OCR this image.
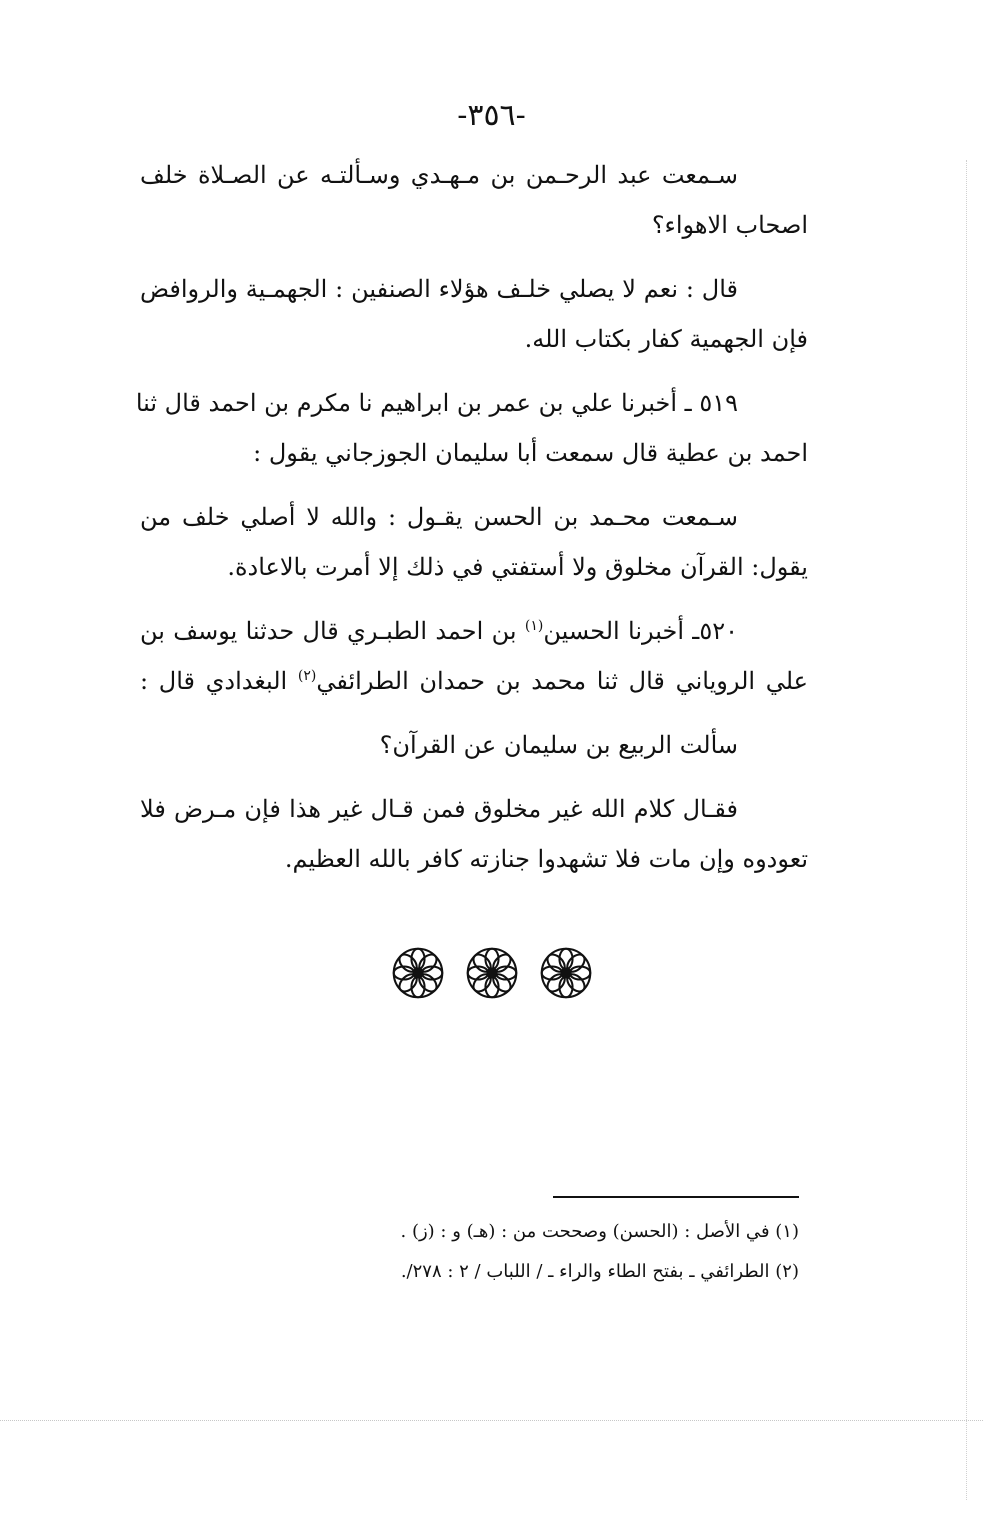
-٣٥٦-

سـمعت عبد الرحـمن بن مـهـدي وسـألتـه عن الصـلاة خلف
اصحاب الاهواء؟

قال : نعم لا يصلي خلـف هؤلاء الصنفين : الجهمـية والروافض
فإن الجهمية كفار بكتاب الله.

٥١٩ ـ أخبرنا علي بن عمر بن ابراهيم نا مكرم بن احمد قال ثنا
احمد بن عطية قال سمعت أبا سليمان الجوزجاني يقول :

سـمعت محـمد بن الحسن يقـول : والله لا أصلي خلف من
يقول: القرآن مخلوق ولا أستفتي في ذلك إلا أمرت بالاعادة.

٥٢٠ـ أخبرنا الحسين$^{(١)}$ بن احمد الطبـري قال حدثنا يوسف بن
علي الروياني قال ثنا محمد بن حمدان الطرائفي$^{(٢)}$ البغدادي قال :

سألت الربيع بن سليمان عن القرآن؟

فقـال كلام الله غير مخلوق فمن قـال غير هذا فإن مـرض فلا
تعودوه وإن مات فلا تشهدوا جنازته كافر بالله العظيم.

(١) في الأصل : (الحسن) وصححت من : (هـ) و : (ز) .
(٢) الطرائفي ـ بفتح الطاء والراء ـ / اللباب / ٢ : ٢٧٨/.
